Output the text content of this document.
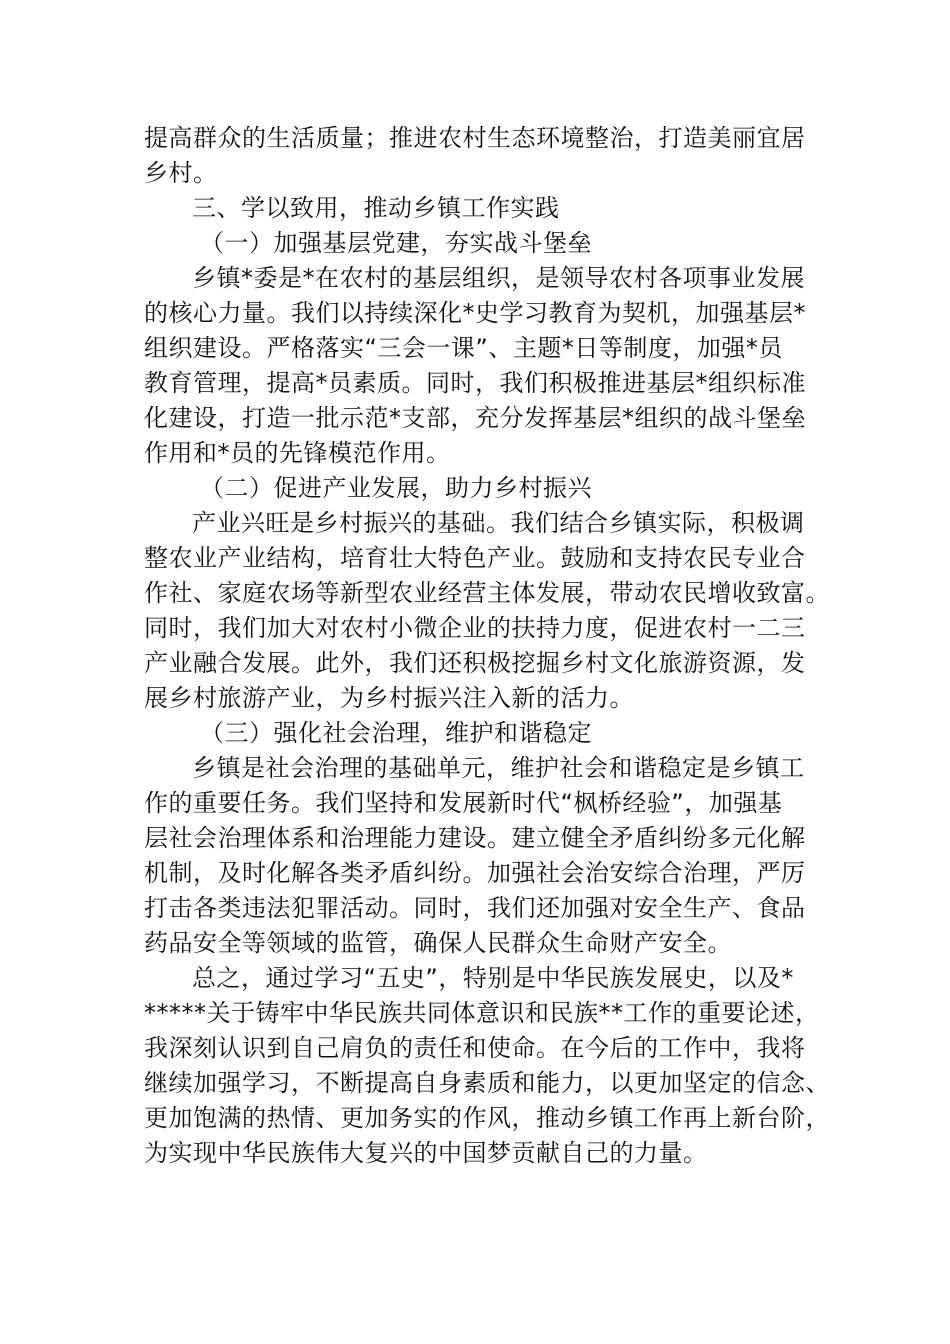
提高群众的生活质量；推进农村生态环境整治，打造美丽宜居
乡村。
三、学以致用，推动乡镇工作实践
（一）加强基层党建，夯实战斗堡垒
乡镇*委是*在农村的基层组织，是领导农村各项事业发展
的核心力量。我们以持续深化*史学习教育为契机，加强基层*
组织建设。严格落实“三会一课”、主题*日等制度，加强*员
教育管理，提高*员素质。同时，我们积极推进基层*组织标准
化建设，打造一批示范*支部，充分发挥基层*组织的战斗堡垒
作用和*员的先锋模范作用。
（二）促进产业发展，助力乡村振兴
产业兴旺是乡村振兴的基础。我们结合乡镇实际，积极调
整农业产业结构，培育壮大特色产业。鼓励和支持农民专业合
作社、家庭农场等新型农业经营主体发展，带动农民增收致富。
同时，我们加大对农村小微企业的扶持力度，促进农村一二三
产业融合发展。此外，我们还积极挖掘乡村文化旅游资源，发
展乡村旅游产业，为乡村振兴注入新的活力。
（三）强化社会治理，维护和谐稳定
乡镇是社会治理的基础单元，维护社会和谐稳定是乡镇工
作的重要任务。我们坚持和发展新时代“枫桥经验”，加强基
层社会治理体系和治理能力建设。建立健全矛盾纠纷多元化解
机制，及时化解各类矛盾纠纷。加强社会治安综合治理，严厉
打击各类违法犯罪活动。同时，我们还加强对安全生产、食品
药品安全等领域的监管，确保人民群众生命财产安全。
总之，通过学习“五史”，特别是中华民族发展史，以及*
*****关于铸牢中华民族共同体意识和民族**工作的重要论述，
我深刻认识到自己肩负的责任和使命。在今后的工作中，我将
继续加强学习，不断提高自身素质和能力，以更加坚定的信念、
更加饱满的热情、更加务实的作风，推动乡镇工作再上新台阶，
为实现中华民族伟大复兴的中国梦贡献自己的力量。
